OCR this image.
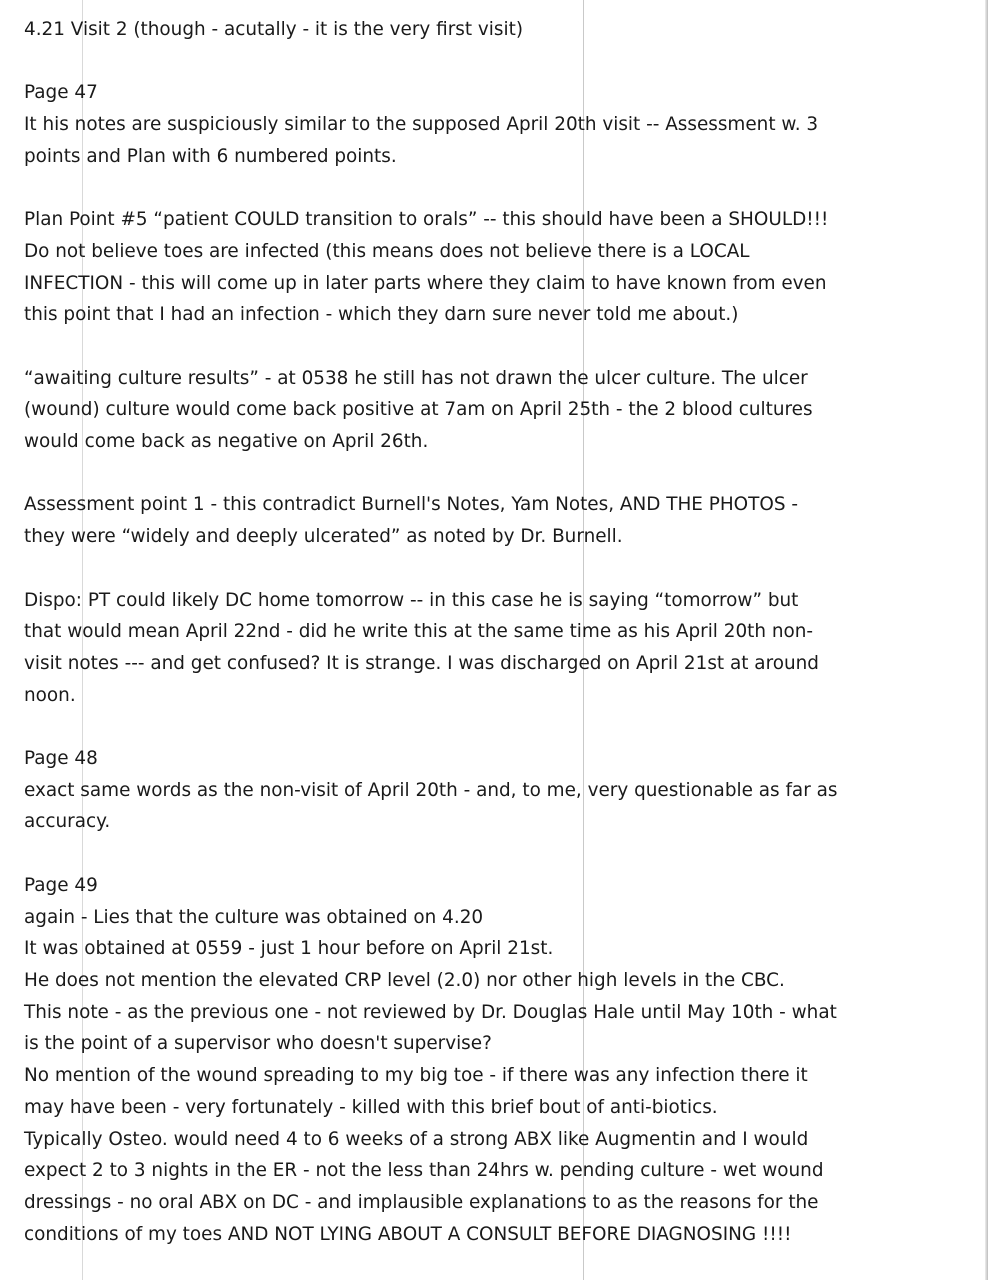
4.21 Visit 2 (though - acutally - it is the very first visit)
Page 47
It his notes are suspiciously similar to the supposed April 20th visit -- Assessment w. 3
points and Plan with 6 numbered points.
Plan Point #5 “patient COULD transition to orals” -- this should have been a SHOULD!!!
Do not believe toes are infected (this means does not believe there is a LOCAL
INFECTION - this will come up in later parts where they claim to have known from even
this point that I had an infection - which they darn sure never told me about.)
“awaiting culture results” - at 0538 he still has not drawn the ulcer culture. The ulcer
(wound) culture would come back positive at 7am on April 25th - the 2 blood cultures
would come back as negative on April 26th.
Assessment point 1 - this contradict Burnell's Notes, Yam Notes, AND THE PHOTOS -
they were “widely and deeply ulcerated” as noted by Dr. Burnell.
Dispo: PT could likely DC home tomorrow -- in this case he is saying “tomorrow” but
that would mean April 22nd - did he write this at the same time as his April 20th non-
visit notes --- and get confused? It is strange. I was discharged on April 21st at around
noon.
Page 48
exact same words as the non-visit of April 20th - and, to me, very questionable as far as
accuracy.
Page 49
again - Lies that the culture was obtained on 4.20
It was obtained at 0559 - just 1 hour before on April 21st.
He does not mention the elevated CRP level (2.0) nor other high levels in the CBC.
This note - as the previous one - not reviewed by Dr. Douglas Hale until May 10th - what
is the point of a supervisor who doesn't supervise?
No mention of the wound spreading to my big toe - if there was any infection there it
may have been - very fortunately - killed with this brief bout of anti-biotics.
Typically Osteo. would need 4 to 6 weeks of a strong ABX like Augmentin and I would
expect 2 to 3 nights in the ER - not the less than 24hrs w. pending culture - wet wound
dressings - no oral ABX on DC - and implausible explanations to as the reasons for the
conditions of my toes AND NOT LYING ABOUT A CONSULT BEFORE DIAGNOSING !!!!
